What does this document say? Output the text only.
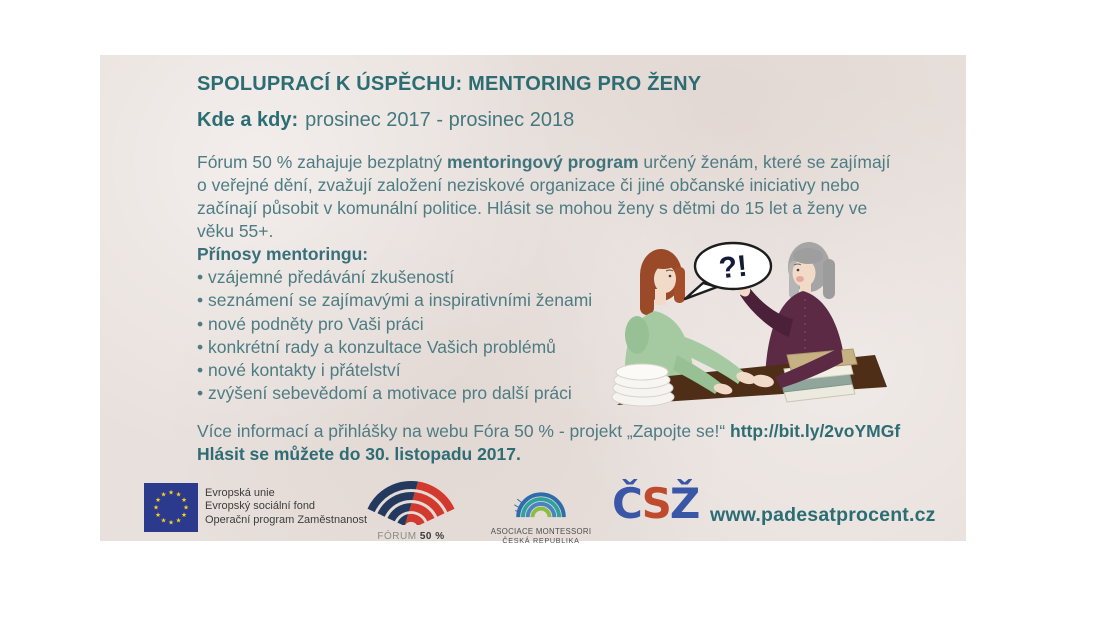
SPOLUPRACÍ K ÚSPĚCHU: MENTORING PRO ŽENY
Kde a kdy: prosinec 2017 - prosinec 2018

Fórum 50 % zahajuje bezplatný mentoringový program určený ženám, které se zajímají o veřejné dění, zvažují založení neziskové organizace či jiné občanské iniciativy nebo začínají působit v komunální politice. Hlásit se mohou ženy s dětmi do 15 let a ženy ve věku 55+.

Přínosy mentoringu:
• vzájemné předávání zkušeností
• seznámení se zajímavými a inspirativními ženami
• nové podněty pro Vaši práci
• konkrétní rady a konzultace Vašich problémů
• nové kontakty i přátelství
• zvýšení sebevědomí a motivace pro další práci
?!

Více informací a přihlášky na webu Fóra 50 % - projekt „Zapojte se!“ http://bit.ly/2voYMGf

Hlásit se můžete do 30. listopadu 2017.

★ ★
★
★
★
★
★
★
★
★
★
★	Evropská unie
Evropský sociální fond
Operační program Zaměstnanost
FÓRUM 50 %	ASOCIACE MONTESSORI
ČESKÁ REPUBLIKA
ČSŽ www.padesatprocent.cz
